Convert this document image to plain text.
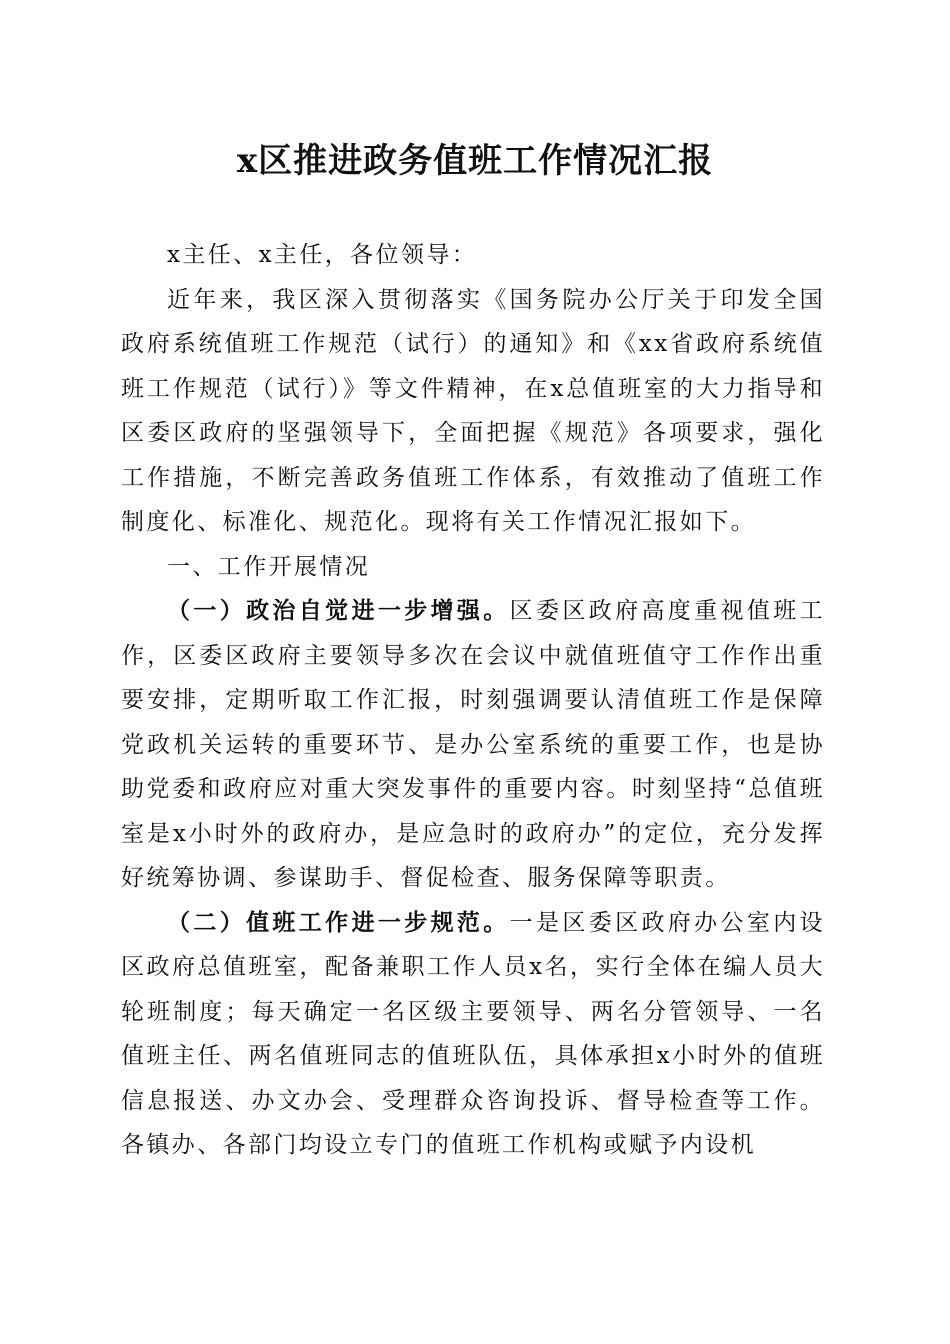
x区推进政务值班工作情况汇报

x主任、x主任，各位领导：

近年来，我区深入贯彻落实《国务院办公厅关于印发全国政府系统值班工作规范（试行）的通知》和《xx省政府系统值班工作规范（试行）》等文件精神，在x总值班室的大力指导和区委区政府的坚强领导下，全面把握《规范》各项要求，强化工作措施，不断完善政务值班工作体系，有效推动了值班工作制度化、标准化、规范化。现将有关工作情况汇报如下。

一、工作开展情况

（一）政治自觉进一步增强。区委区政府高度重视值班工作，区委区政府主要领导多次在会议中就值班值守工作作出重要安排，定期听取工作汇报，时刻强调要认清值班工作是保障党政机关运转的重要环节、是办公室系统的重要工作，也是协助党委和政府应对重大突发事件的重要内容。时刻坚持“总值班室是x小时外的政府办，是应急时的政府办”的定位，充分发挥好统筹协调、参谋助手、督促检查、服务保障等职责。

（二）值班工作进一步规范。一是区委区政府办公室内设区政府总值班室，配备兼职工作人员x名，实行全体在编人员大轮班制度；每天确定一名区级主要领导、两名分管领导、一名值班主任、两名值班同志的值班队伍，具体承担x小时外的值班信息报送、办文办会、受理群众咨询投诉、督导检查等工作。各镇办、各部门均设立专门的值班工作机构或赋予内设机
